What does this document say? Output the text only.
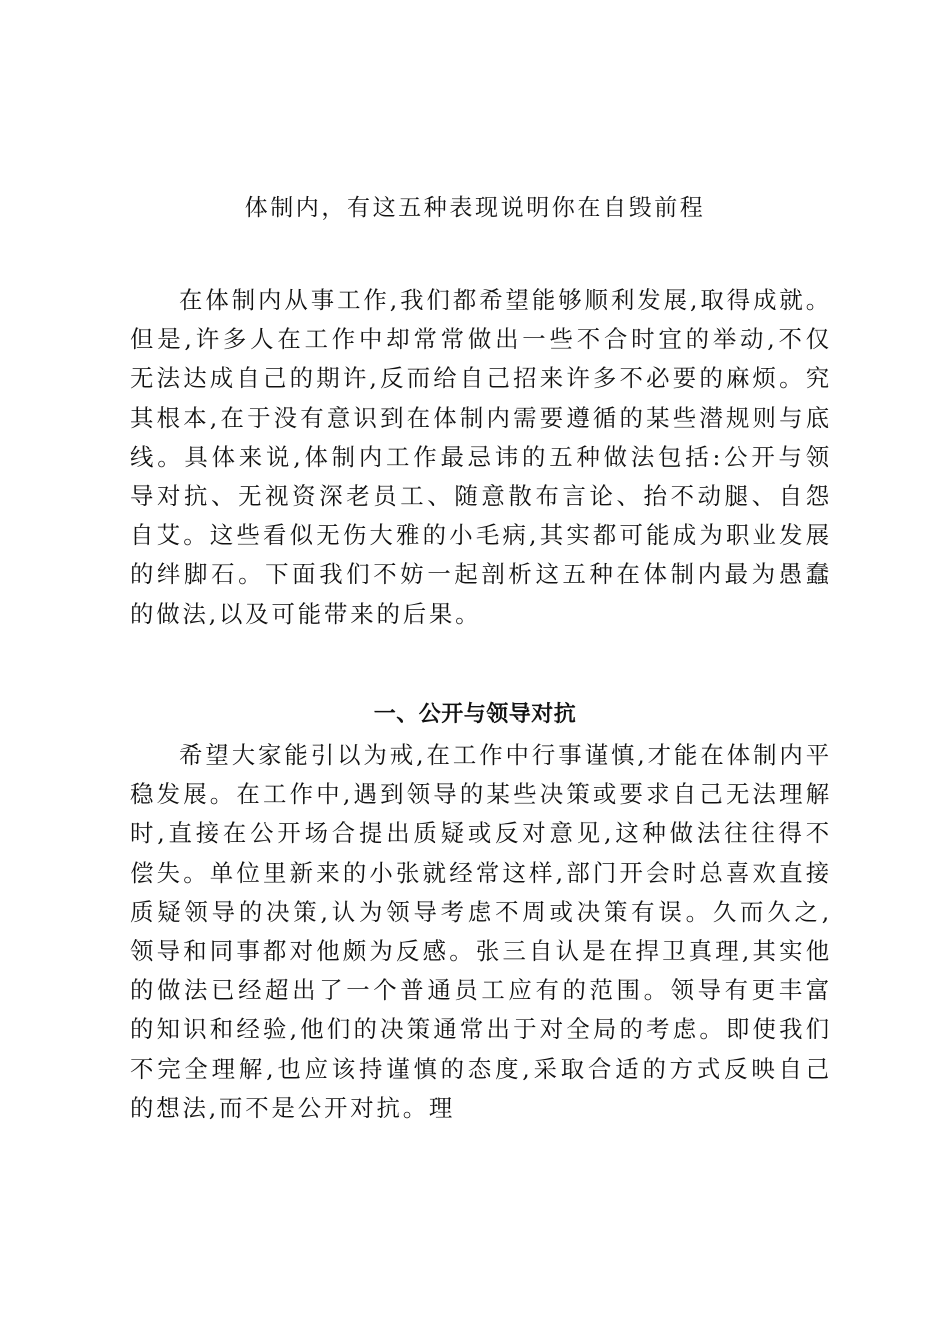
体制内，有这五种表现说明你在自毁前程

在体制内从事工作,我们都希望能够顺利发展,取得成就。但是,许多人在工作中却常常做出一些不合时宜的举动,不仅无法达成自己的期许,反而给自己招来许多不必要的麻烦。究其根本,在于没有意识到在体制内需要遵循的某些潜规则与底线。具体来说,体制内工作最忌讳的五种做法包括:公开与领导对抗、无视资深老员工、随意散布言论、抬不动腿、自怨自艾。这些看似无伤大雅的小毛病,其实都可能成为职业发展的绊脚石。下面我们不妨一起剖析这五种在体制内最为愚蠢的做法,以及可能带来的后果。

一、公开与领导对抗

希望大家能引以为戒,在工作中行事谨慎,才能在体制内平稳发展。在工作中,遇到领导的某些决策或要求自己无法理解时,直接在公开场合提出质疑或反对意见,这种做法往往得不偿失。单位里新来的小张就经常这样,部门开会时总喜欢直接质疑领导的决策,认为领导考虑不周或决策有误。久而久之,领导和同事都对他颇为反感。张三自认是在捍卫真理,其实他的做法已经超出了一个普通员工应有的范围。领导有更丰富的知识和经验,他们的决策通常出于对全局的考虑。即使我们不完全理解,也应该持谨慎的态度,采取合适的方式反映自己的想法,而不是公开对抗。理
